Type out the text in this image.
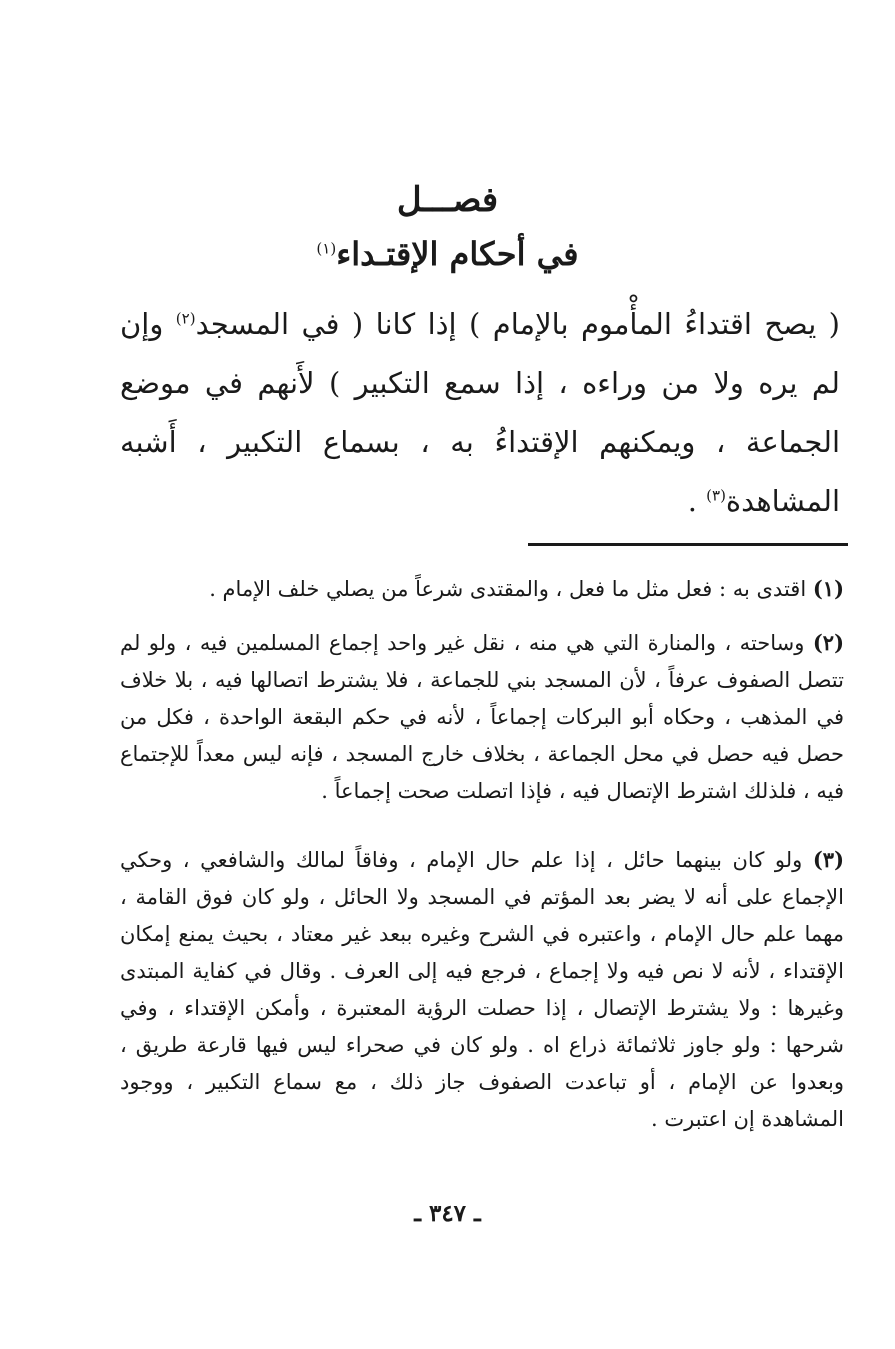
فصـــل
في أحكام الإقتـداء$^{(١)}$
( يصح اقتداءُ المأْموم بالإمام ) إذا كانا ( في المسجد$^{(٢)}$ وإن لم يره ولا من وراءه ، إذا سمع التكبير ) لأَنهم في موضع الجماعة ، ويمكنهم الإقتداءُ به ، بسماع التكبير ، أَشبه المشاهدة$^{(٣)}$ .
(١) اقتدى به : فعل مثل ما فعل ، والمقتدى شرعاً من يصلي خلف الإمام .
(٢) وساحته ، والمنارة التي هي منه ، نقل غير واحد إجماع المسلمين فيه ، ولو لم تتصل الصفوف عرفاً ، لأن المسجد بني للجماعة ، فلا يشترط اتصالها فيه ، بلا خلاف في المذهب ، وحكاه أبو البركات إجماعاً ، لأنه في حكم البقعة الواحدة ، فكل من حصل فيه حصل في محل الجماعة ، بخلاف خارج المسجد ، فإنه ليس معداً للإجتماع فيه ، فلذلك اشترط الإتصال فيه ، فإذا اتصلت صحت إجماعاً .
(٣) ولو كان بينهما حائل ، إذا علم حال الإمام ، وفاقاً لمالك والشافعي ، وحكي الإجماع على أنه لا يضر بعد المؤتم في المسجد ولا الحائل ، ولو كان فوق القامة ، مهما علم حال الإمام ، واعتبره في الشرح وغيره ببعد غير معتاد ، بحيث يمنع إمكان الإقتداء ، لأنه لا نص فيه ولا إجماع ، فرجع فيه إلى العرف . وقال في كفاية المبتدى وغيرها : ولا يشترط الإتصال ، إذا حصلت الرؤية المعتبرة ، وأمكن الإقتداء ، وفي شرحها : ولو جاوز ثلاثمائة ذراع اه . ولو كان في صحراء ليس فيها قارعة طريق ، وبعدوا عن الإمام ، أو تباعدت الصفوف جاز ذلك ، مع سماع التكبير ، ووجود المشاهدة إن اعتبرت .
ـ ٣٤٧ ـ
